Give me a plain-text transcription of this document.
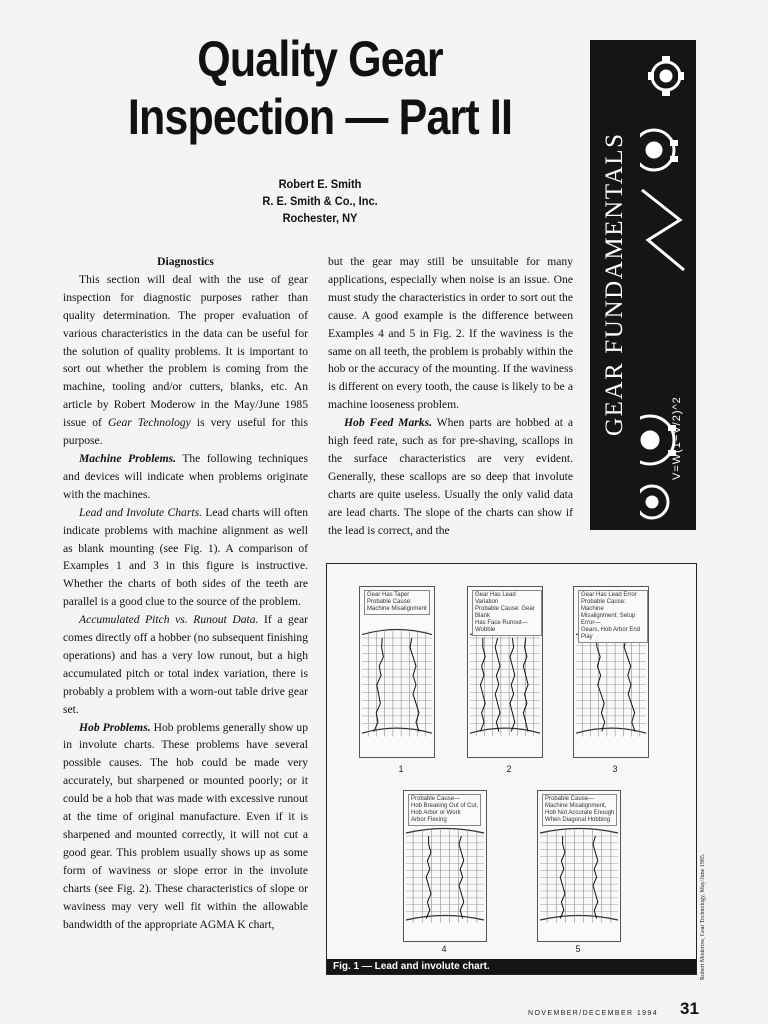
Quality Gear
Inspection — Part II
Robert E. Smith
R. E. Smith & Co., Inc.
Rochester, NY	GEAR FUNDAMENTALS
V=W(1−V/2)^2
Diagnostics

This section will deal with the use of gear inspection for diagnostic purposes rather than quality determination. The proper evaluation of various characteristics in the data can be useful for the solution of quality problems. It is important to sort out whether the problem is coming from the machine, tooling and/or cutters, blanks, etc. An article by Robert Moderow in the May/June 1985 issue of Gear Technology is very useful for this purpose.

Machine Problems. The following techniques and devices will indicate when problems originate with the machines.

Lead and Involute Charts. Lead charts will often indicate problems with machine alignment as well as blank mounting (see Fig. 1). A comparison of Examples 1 and 3 in this figure is instructive. Whether the charts of both sides of the teeth are parallel is a good clue to the source of the problem.

Accumulated Pitch vs. Runout Data. If a gear comes directly off a hobber (no subsequent finishing operations) and has a very low runout, but a high accumulated pitch or total index variation, there is probably a problem with a worn-out table drive gear set.

Hob Problems. Hob problems generally show up in involute charts. These problems have several possible causes. The hob could be made very accurately, but sharpened or mounted poorly; or it could be a hob that was made with excessive runout at the time of original manufacture. Even if it is sharpened and mounted correctly, it will not cut a good gear. This problem usually shows up as some form of waviness or slope error in the involute charts (see Fig. 2). These characteristics of slope or waviness may very well fit within the allowable bandwidth of the appropriate AGMA K chart,

but the gear may still be unsuitable for many applications, especially when noise is an issue. One must study the characteristics in order to sort out the cause. A good example is the difference between Examples 4 and 5 in Fig. 2. If the waviness is the same on all teeth, the problem is probably within the hob or the accuracy of the mounting. If the waviness is different on every tooth, the cause is likely to be a machine looseness problem.

Hob Feed Marks. When parts are hobbed at a high feed rate, such as for pre-shaving, scallops in the surface characteristics are very evident. Generally, these scallops are so deep that involute charts are quite useless. Usually the only valid data are lead charts. The slope of the charts can show if the lead is correct, and the

Gear Has Taper
Probable Cause:
Machine Misalignment
1
Gear Has Lead Variation
Probable Cause: Gear Blank
Has Face Runout—Wobble
2
Gear Has Lead Error
Probable Cause: Machine
Misalignment; Setup Error—
Gears, Hob Arbor End Play
3
Probable Cause—
Hob Breaking Out of Cut,
Hob Arbor or Work
Arbor Flexing
4
Probable Cause—
Machine Misalignment,
Hob Not Accurate Enough
When Diagonal Hobbing
5
Fig. 1 — Lead and involute chart.	Robert Moderow, Gear Technology, May/June 1985.
NOVEMBER/DECEMBER 1994 31
